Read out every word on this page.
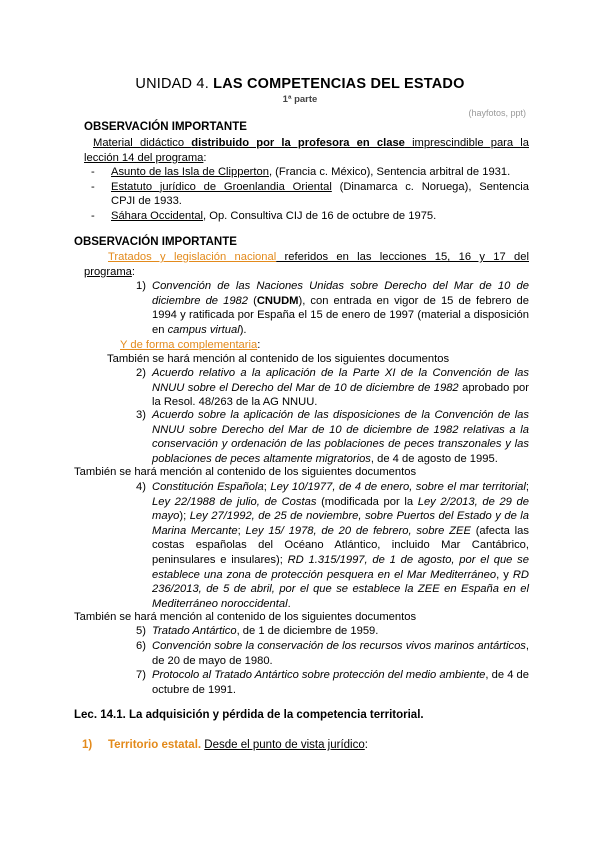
UNIDAD 4. LAS COMPETENCIAS DEL ESTADO
1ª parte
(hayfotos, ppt)
OBSERVACIÓN IMPORTANTE
Material didáctico distribuido por la profesora en clase imprescindible para la
lección 14 del programa:
-	Asunto de las Isla de Clipperton, (Francia c. México), Sentencia arbitral de 1931.
-	Estatuto jurídico de Groenlandia Oriental (Dinamarca c. Noruega), Sentencia
CPJI de 1933.
-	Sáhara Occidental, Op. Consultiva CIJ de 16 de octubre de 1975.
OBSERVACIÓN IMPORTANTE
Tratados y legislación nacional referidos en las lecciones 15, 16 y 17 del
programa:
1) Convención de las Naciones Unidas sobre Derecho del Mar de 10 de diciembre de 1982 (CNUDM), con entrada en vigor de 15 de febrero de 1994 y ratificada por España el 15 de enero de 1997 (material a disposición en campus virtual).
Y de forma complementaria:
También se hará mención al contenido de los siguientes documentos
2) Acuerdo relativo a la aplicación de la Parte XI de la Convención de las NNUU sobre el Derecho del Mar de 10 de diciembre de 1982 aprobado por la Resol. 48/263 de la AG NNUU.
3) Acuerdo sobre la aplicación de las disposiciones de la Convención de las NNUU sobre Derecho del Mar de 10 de diciembre de 1982 relativas a la conservación y ordenación de las poblaciones de peces transzonales y las poblaciones de peces altamente migratorios, de 4 de agosto de 1995.
También se hará mención al contenido de los siguientes documentos
4) Constitución Española; Ley 10/1977, de 4 de enero, sobre el mar territorial; Ley 22/1988 de julio, de Costas (modificada por la Ley 2/2013, de 29 de mayo); Ley 27/1992, de 25 de noviembre, sobre Puertos del Estado y de la Marina Mercante; Ley 15/ 1978, de 20 de febrero, sobre ZEE (afecta las costas españolas del Océano Atlántico, incluido Mar Cantábrico, peninsulares e insulares); RD 1.315/1997, de 1 de agosto, por el que se establece una zona de protección pesquera en el Mar Mediterráneo, y RD 236/2013, de 5 de abril, por el que se establece la ZEE en España en el Mediterráneo noroccidental.
También se hará mención al contenido de los siguientes documentos
5) Tratado Antártico, de 1 de diciembre de 1959.
6) Convención sobre la conservación de los recursos vivos marinos antárticos, de 20 de mayo de 1980.
7) Protocolo al Tratado Antártico sobre protección del medio ambiente, de 4 de octubre de 1991.
Lec. 14.1. La adquisición y pérdida de la competencia territorial.
1) Territorio estatal. Desde el punto de vista jurídico:
